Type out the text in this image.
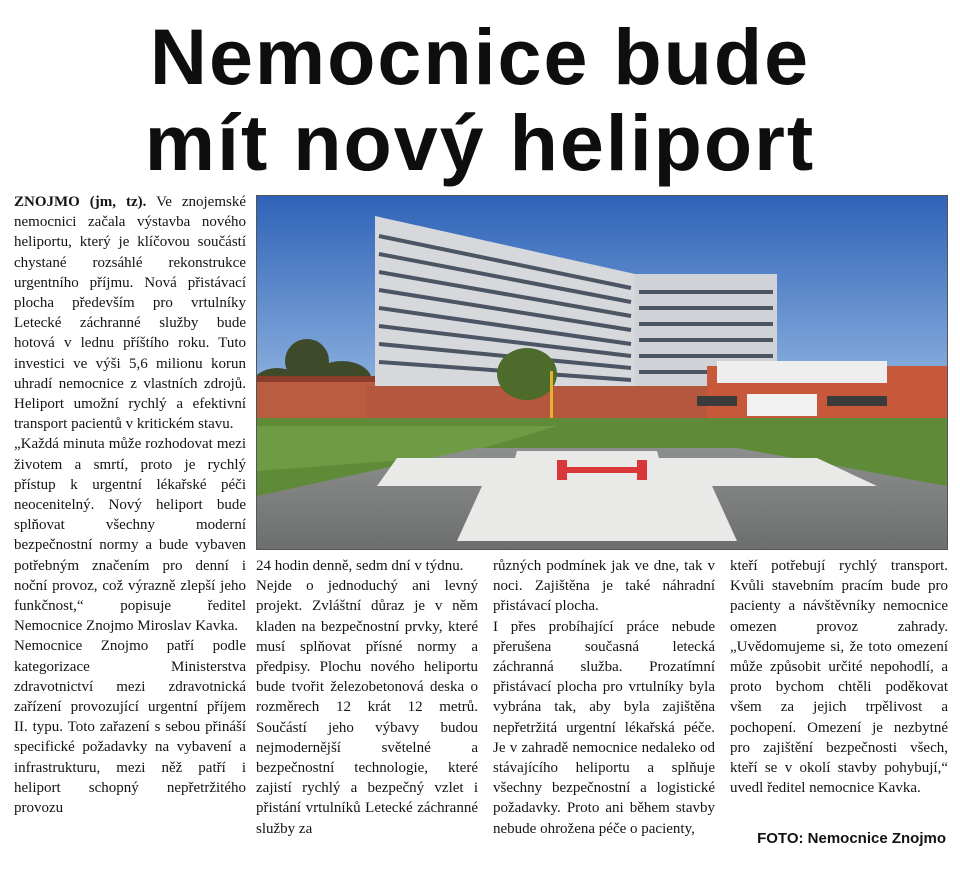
Nemocnice bude
mít nový heliport

ZNOJMO (jm, tz). Ve znojemské nemocnici začala výstavba nového heliportu, který je klíčovou součástí chystané rozsáhlé rekonstrukce urgentního příjmu. Nová přistávací plocha především pro vrtulníky Letecké záchranné služby bude hotová v lednu příštího roku. Tuto investici ve výši 5,6 milionu korun uhradí nemocnice z vlastních zdrojů. Heliport umožní rychlý a efektivní transport pacientů v kritickém stavu.

„Každá minuta může rozhodovat mezi životem a smrtí, proto je rychlý přístup k urgentní lékařské péči neocenitelný. Nový heliport bude splňovat všechny moderní bezpečnostní normy a bude vybaven potřebným značením pro denní i noční provoz, což výrazně zlepší jeho funkčnost,“ popisuje ředitel Nemocnice Znojmo Miroslav Kavka.

Nemocnice Znojmo patří podle kategorizace Ministerstva zdravotnictví mezi zdravotnická zařízení provozující urgentní příjem II. typu. Toto zařazení s sebou přináší specifické požadavky na vybavení a infrastrukturu, mezi něž patří i heliport schopný nepřetržitého provozu

24 hodin denně, sedm dní v týdnu.

Nejde o jednoduchý ani levný projekt. Zvláštní důraz je v něm kladen na bezpečnostní prvky, které musí splňovat přísné normy a předpisy. Plochu nového heliportu bude tvořit železobetonová deska o rozměrech 12 krát 12 metrů. Součástí jeho výbavy budou nejmodernější světelné a bezpečnostní technologie, které zajistí rychlý a bezpečný vzlet i přistání vrtulníků Letecké záchranné služby za

různých podmínek jak ve dne, tak v noci. Zajištěna je také náhradní přistávací plocha.

I přes probíhající práce nebude přerušena současná letecká záchranná služba. Prozatímní přistávací plocha pro vrtulníky byla vybrána tak, aby byla zajištěna nepřetržitá urgentní lékařská péče. Je v zahradě nemocnice nedaleko od stávajícího heliportu a splňuje všechny bezpečnostní a logistické požadavky. Proto ani během stavby nebude ohrožena péče o pacienty,

kteří potřebují rychlý transport. Kvůli stavebním pracím bude pro pacienty a návštěvníky nemocnice omezen provoz zahrady. „Uvědomujeme si, že toto omezení může způsobit určité nepohodlí, a proto bychom chtěli poděkovat všem za jejich trpělivost a pochopení. Omezení je nezbytné pro zajištění bezpečnosti všech, kteří se v okolí stavby pohybují,“ uvedl ředitel nemocnice Kavka.

FOTO: Nemocnice Znojmo
